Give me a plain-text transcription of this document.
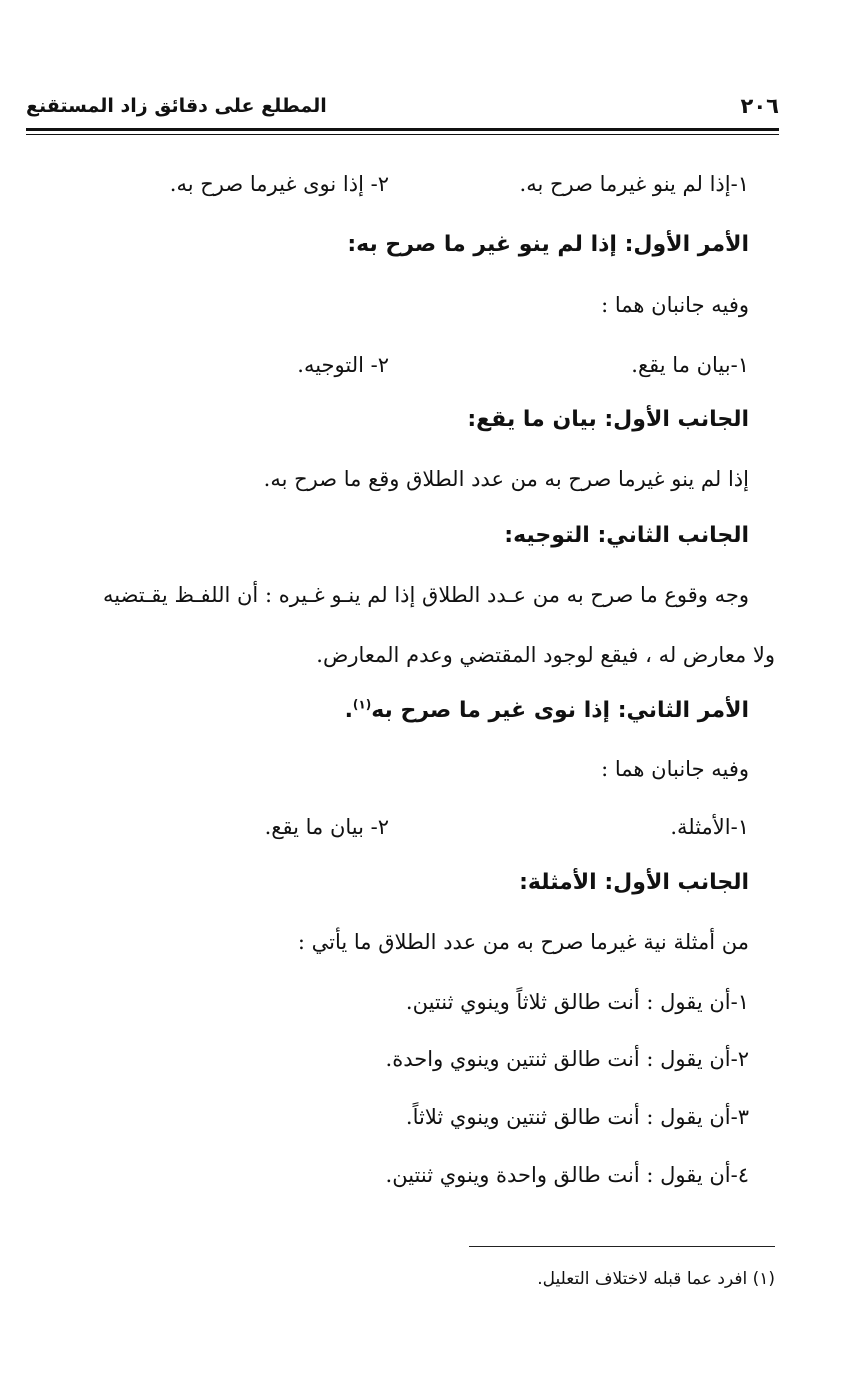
٢٠٦
المطلع على دقائق زاد المستقنع
١-إذا لم ينو غيرما صرح به.
٢- إذا نوى غيرما صرح به.
الأمر الأول: إذا لم ينو غير ما صرح به:
وفيه جانبان هما :
١-بيان ما يقع.
٢- التوجيه.
الجانب الأول: بيان ما يقع:
إذا لم ينو غيرما صرح به من عدد الطلاق وقع ما صرح به.
الجانب الثاني: التوجيه:
وجه وقوع ما صرح به من عـدد الطلاق إذا لم ينـو غـيره : أن اللفـظ يقـتضيه
ولا معارض له ، فيقع لوجود المقتضي وعدم المعارض.
الأمر الثاني: إذا نوى غير ما صرح به$^{(١)}$.
وفيه جانبان هما :
١-الأمثلة.
٢- بيان ما يقع.
الجانب الأول: الأمثلة:
من أمثلة نية غيرما صرح به من عدد الطلاق ما يأتي :
١-أن يقول : أنت طالق ثلاثاً وينوي ثنتين.
٢-أن يقول : أنت طالق ثنتين وينوي واحدة.
٣-أن يقول : أنت طالق ثنتين وينوي ثلاثاً.
٤-أن يقول : أنت طالق واحدة وينوي ثنتين.
(١) افرد عما قبله لاختلاف التعليل.
